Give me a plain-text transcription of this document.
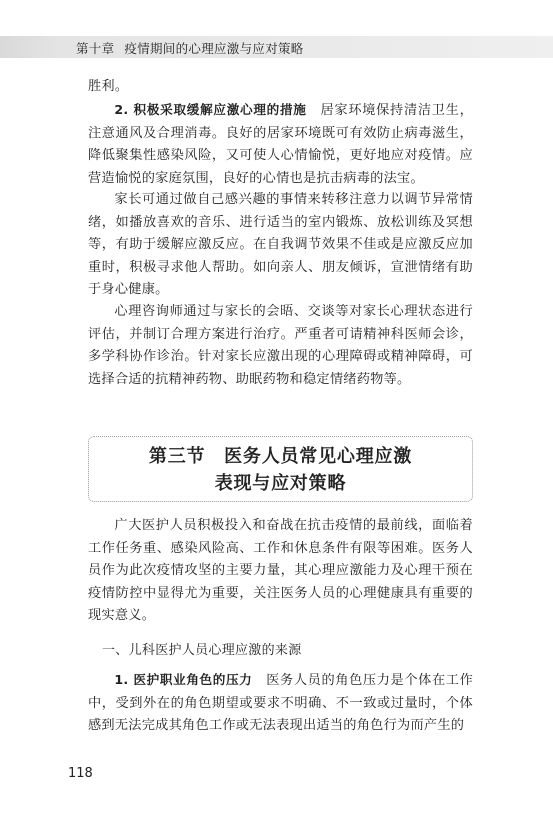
第十章 疫情期间的心理应激与应对策略
胜利。
2. 积极采取缓解应激心理的措施  居家环境保持清洁卫生，注意通风及合理消毒。良好的居家环境既可有效防止病毒滋生，降低聚集性感染风险，又可使人心情愉悦，更好地应对疫情。应营造愉悦的家庭氛围，良好的心情也是抗击病毒的法宝。
家长可通过做自己感兴趣的事情来转移注意力以调节异常情绪，如播放喜欢的音乐、进行适当的室内锻炼、放松训练及冥想等，有助于缓解应激反应。在自我调节效果不佳或是应激反应加重时，积极寻求他人帮助。如向亲人、朋友倾诉，宣泄情绪有助于身心健康。
心理咨询师通过与家长的会晤、交谈等对家长心理状态进行评估，并制订合理方案进行治疗。严重者可请精神科医师会诊，多学科协作诊治。针对家长应激出现的心理障碍或精神障碍，可选择合适的抗精神药物、助眠药物和稳定情绪药物等。
第三节　医务人员常见心理应激
表现与应对策略
广大医护人员积极投入和奋战在抗击疫情的最前线，面临着工作任务重、感染风险高、工作和休息条件有限等困难。医务人员作为此次疫情攻坚的主要力量，其心理应激能力及心理干预在疫情防控中显得尤为重要，关注医务人员的心理健康具有重要的现实意义。
一、儿科医护人员心理应激的来源
1. 医护职业角色的压力  医务人员的角色压力是个体在工作中，受到外在的角色期望或要求不明确、不一致或过量时，个体感到无法完成其角色工作或无法表现出适当的角色行为而产生的
118
